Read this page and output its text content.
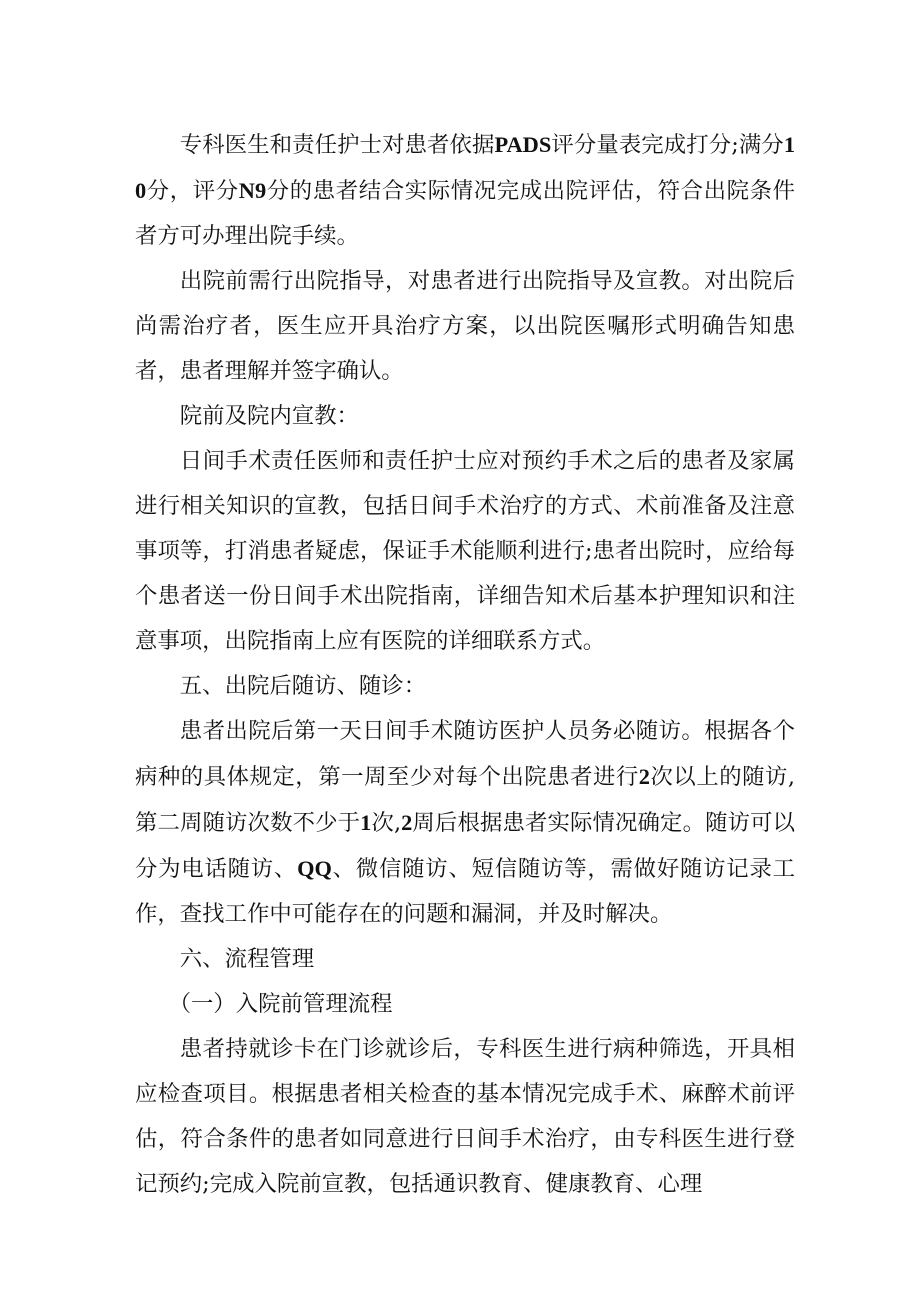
专科医生和责任护士对患者依据PADS评分量表完成打分;满分10分，评分N9分的患者结合实际情况完成出院评估，符合出院条件者方可办理出院手续。

出院前需行出院指导，对患者进行出院指导及宣教。对出院后尚需治疗者，医生应开具治疗方案，以出院医嘱形式明确告知患者，患者理解并签字确认。

院前及院内宣教：

日间手术责任医师和责任护士应对预约手术之后的患者及家属进行相关知识的宣教，包括日间手术治疗的方式、术前准备及注意事项等，打消患者疑虑，保证手术能顺利进行;患者出院时，应给每个患者送一份日间手术出院指南，详细告知术后基本护理知识和注意事项，出院指南上应有医院的详细联系方式。

五、出院后随访、随诊：

患者出院后第一天日间手术随访医护人员务必随访。根据各个病种的具体规定，第一周至少对每个出院患者进行2次以上的随访,第二周随访次数不少于1次,2周后根据患者实际情况确定。随访可以分为电话随访、QQ、微信随访、短信随访等，需做好随访记录工作，查找工作中可能存在的问题和漏洞，并及时解决。

六、流程管理

（一）入院前管理流程

患者持就诊卡在门诊就诊后，专科医生进行病种筛选，开具相应检查项目。根据患者相关检查的基本情况完成手术、麻醉术前评估，符合条件的患者如同意进行日间手术治疗，由专科医生进行登记预约;完成入院前宣教，包括通识教育、健康教育、心理
